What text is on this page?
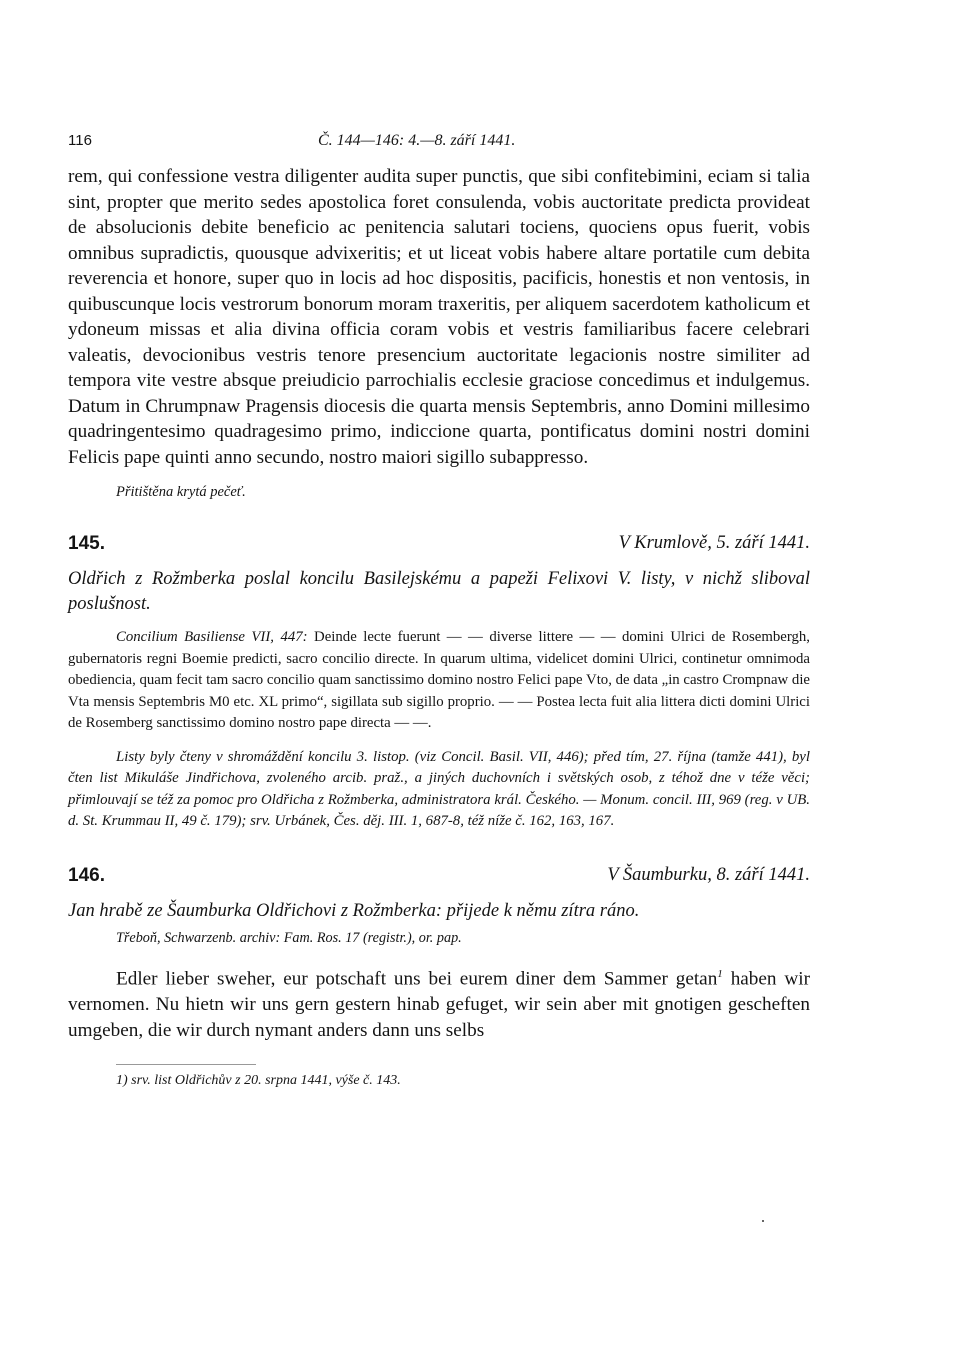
116	Č. 144—146: 4.—8. září 1441.

rem, qui confessione vestra diligenter audita super punctis, que sibi confitebimini, eciam si talia sint, propter que merito sedes apostolica foret consulenda, vobis auctoritate predicta provideat de absolucionis debite beneficio ac penitencia salutari tociens, quociens opus fuerit, vobis omnibus supradictis, quousque advixeritis; et ut liceat vobis habere altare portatile cum debita reverencia et honore, super quo in locis ad hoc dispositis, pacificis, honestis et non ventosis, in quibuscunque locis vestrorum bonorum moram traxeritis, per aliquem sacerdotem katholicum et ydoneum missas et alia divina officia coram vobis et vestris familiaribus facere celebrari valeatis, devocionibus vestris tenore presencium auctoritate legacionis nostre similiter ad tempora vite vestre absque preiudicio parrochialis ecclesie graciose concedimus et indulgemus. Datum in Chrumpnaw Pragensis diocesis die quarta mensis Septembris, anno Domini millesimo quadringentesimo quadragesimo primo, indiccione quarta, pontificatus domini nostri domini Felicis pape quinti anno secundo, nostro maiori sigillo subappresso.

Přitištěna krytá pečeť.
145.	V Krumlově, 5. září 1441.

Oldřich z Rožmberka poslal koncilu Basilejskému a papeži Felixovi V. listy, v nichž sliboval poslušnost.

Concilium Basiliense VII, 447: Deinde lecte fuerunt — — diverse littere — — domini Ulrici de Rosembergh, gubernatoris regni Boemie predicti, sacro concilio directe. In quarum ultima, videlicet domini Ulrici, continetur omnimoda obediencia, quam fecit tam sacro concilio quam sanctissimo domino nostro Felici pape Vto, de data „in castro Crompnaw die Vta mensis Septembris M0 etc. XL primo“, sigillata sub sigillo proprio. — — Postea lecta fuit alia littera dicti domini Ulrici de Rosemberg sanctissimo domino nostro pape directa — —.

Listy byly čteny v shromáždění koncilu 3. listop. (viz Concil. Basil. VII, 446); před tím, 27. října (tamže 441), byl čten list Mikuláše Jindřichova, zvoleného arcib. praž., a jiných duchovních i světských osob, z téhož dne v téže věci; přimlouvají se též za pomoc pro Oldřicha z Rožmberka, administratora král. Českého. — Monum. concil. III, 969 (reg. v UB. d. St. Krummau II, 49 č. 179); srv. Urbánek, Čes. děj. III. 1, 687-8, též níže č. 162, 163, 167.

146.	V Šaumburku, 8. září 1441.

Jan hrabě ze Šaumburka Oldřichovi z Rožmberka: přijede k němu zítra ráno.

Třeboň, Schwarzenb. archiv: Fam. Ros. 17 (registr.), or. pap.

Edler lieber sweher, eur potschaft uns bei eurem diner dem Sammer getan$^1$ haben wir vernomen. Nu hietn wir uns gern gestern hinab gefuget, wir sein aber mit gnotigen gescheften umgeben, die wir durch nymant anders dann uns selbs

1) srv. list Oldřichův z 20. srpna 1441, výše č. 143.
